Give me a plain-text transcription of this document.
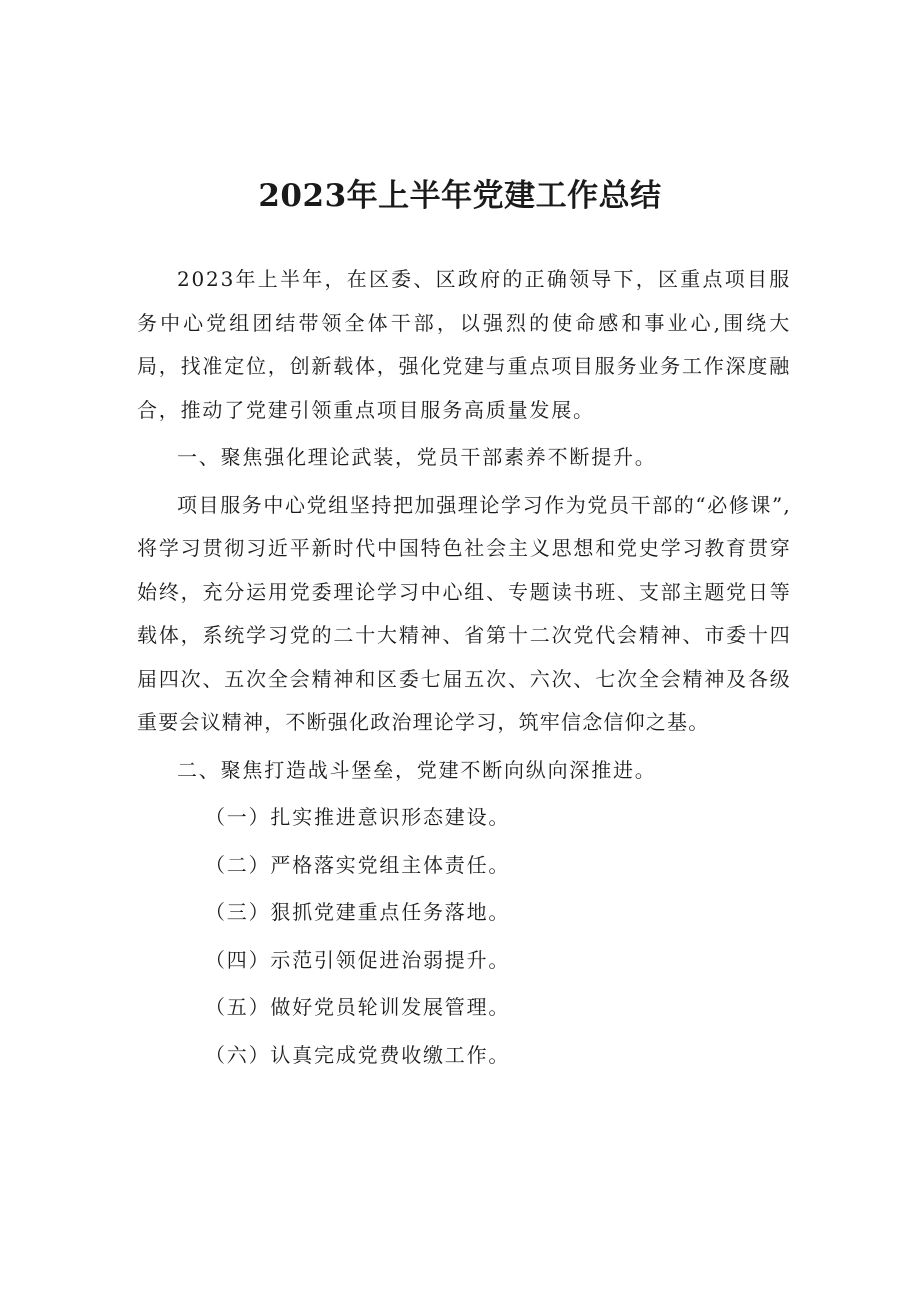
2023年上半年党建工作总结

2023年上半年，在区委、区政府的正确领导下，区重点项目服务中心党组团结带领全体干部，以强烈的使命感和事业心,围绕大局，找准定位，创新载体，强化党建与重点项目服务业务工作深度融合，推动了党建引领重点项目服务高质量发展。

一、聚焦强化理论武装，党员干部素养不断提升。

项目服务中心党组坚持把加强理论学习作为党员干部的“必修课”,将学习贯彻习近平新时代中国特色社会主义思想和党史学习教育贯穿始终，充分运用党委理论学习中心组、专题读书班、支部主题党日等载体，系统学习党的二十大精神、省第十二次党代会精神、市委十四届四次、五次全会精神和区委七届五次、六次、七次全会精神及各级重要会议精神，不断强化政治理论学习，筑牢信念信仰之基。

二、聚焦打造战斗堡垒，党建不断向纵向深推进。

（一）扎实推进意识形态建设。

（二）严格落实党组主体责任。

（三）狠抓党建重点任务落地。

（四）示范引领促进治弱提升。

（五）做好党员轮训发展管理。

（六）认真完成党费收缴工作。
